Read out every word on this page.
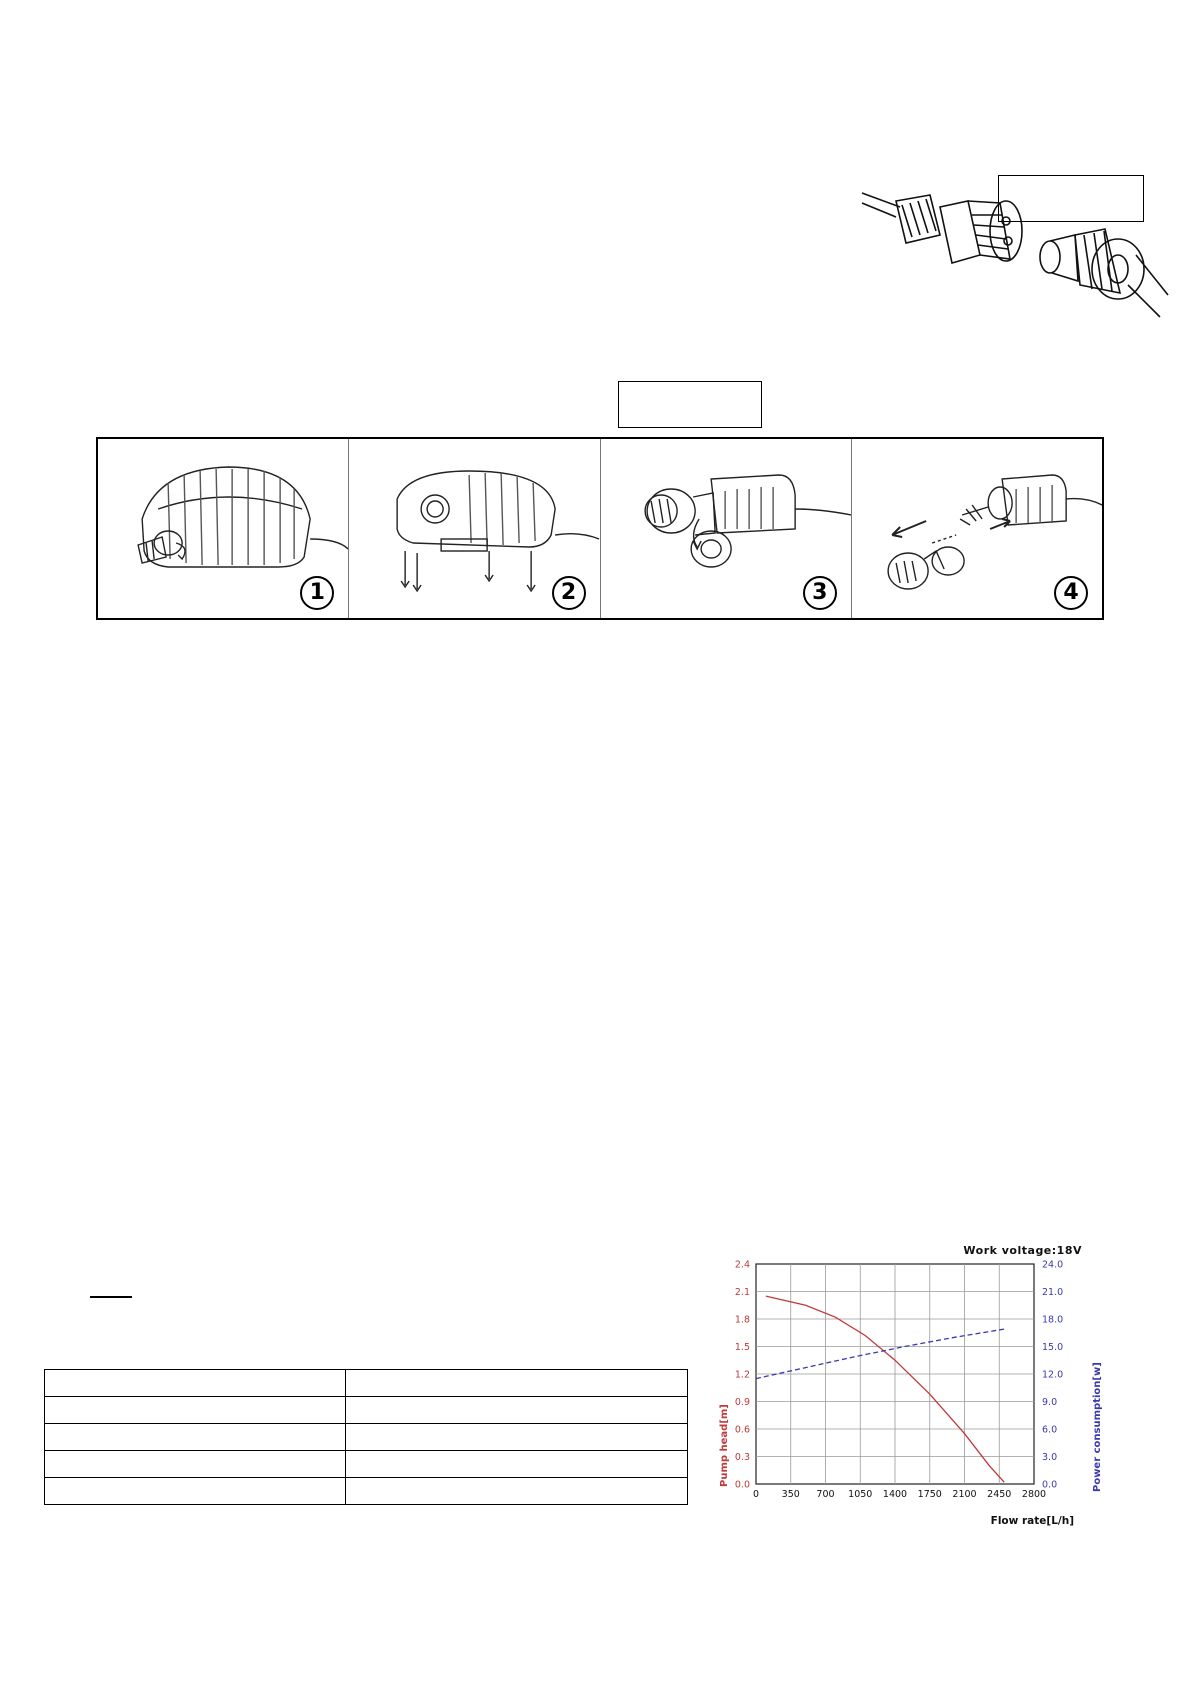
1	2	3	4

0 350 700 1050 1400 1750 2100 2450 2800
0.0
0.3
0.6
0.9
1.2
1.5
1.8
2.1
2.4
0.0
3.0
6.0
9.0
12.0
15.0
18.0
21.0
24.0
Work voltage:18V
Flow rate[L/h]
Pump head[m]	Power consumption[w]
